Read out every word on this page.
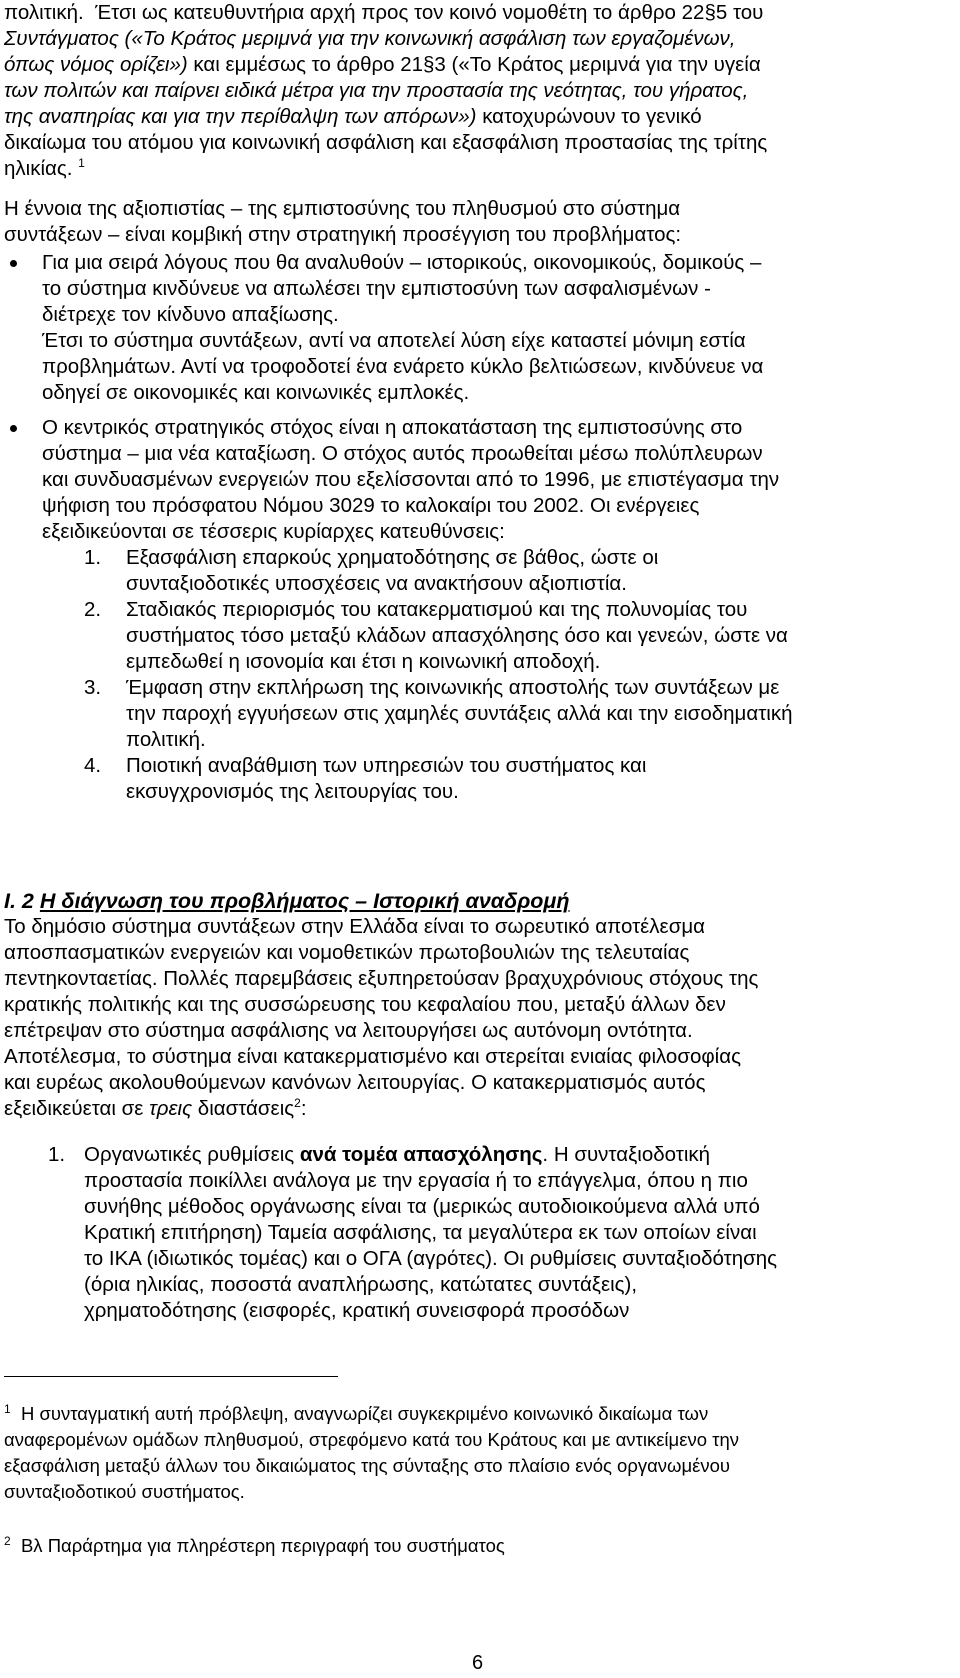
πολιτική. Έτσι ως κατευθυντήρια αρχή προς τον κοινό νομοθέτη το άρθρο 22§5 του
Συντάγματος («Το Κράτος μεριμνά για την κοινωνική ασφάλιση των εργαζομένων,
όπως νόμος ορίζει») και εμμέσως το άρθρο 21§3 («Το Κράτος μεριμνά για την υγεία
των πολιτών και παίρνει ειδικά μέτρα για την προστασία της νεότητας, του γήρατος,
της αναπηρίας και για την περίθαλψη των απόρων») κατοχυρώνουν το γενικό
δικαίωμα του ατόμου για κοινωνική ασφάλιση και εξασφάλιση προστασίας της τρίτης
ηλικίας. $^1$
Η έννοια της αξιοπιστίας – της εμπιστοσύνης του πληθυσμού στο σύστημα
συντάξεων – είναι κομβική στην στρατηγική προσέγγιση του προβλήματος:
Για μια σειρά λόγους που θα αναλυθούν – ιστορικούς, οικονομικούς, δομικούς –
το σύστημα κινδύνευε να απωλέσει την εμπιστοσύνη των ασφαλισμένων -
διέτρεχε τον κίνδυνο απαξίωσης.
Έτσι το σύστημα συντάξεων, αντί να αποτελεί λύση είχε καταστεί μόνιμη εστία
προβλημάτων. Αντί να τροφοδοτεί ένα ενάρετο κύκλο βελτιώσεων, κινδύνευε να
οδηγεί σε οικονομικές και κοινωνικές εμπλοκές.
Ο κεντρικός στρατηγικός στόχος είναι η αποκατάσταση της εμπιστοσύνης στο
σύστημα – μια νέα καταξίωση. Ο στόχος αυτός προωθείται μέσω πολύπλευρων
και συνδυασμένων ενεργειών που εξελίσσονται από το 1996, με επιστέγασμα την
ψήφιση του πρόσφατου Νόμου 3029 το καλοκαίρι του 2002. Οι ενέργειες
εξειδικεύονται σε τέσσερις κυρίαρχες κατευθύνσεις:
1. Εξασφάλιση επαρκούς χρηματοδότησης σε βάθος, ώστε οι
συνταξιοδοτικές υποσχέσεις να ανακτήσουν αξιοπιστία.
2. Σταδιακός περιορισμός του κατακερματισμού και της πολυνομίας του
συστήματος τόσο μεταξύ κλάδων απασχόλησης όσο και γενεών, ώστε να
εμπεδωθεί η ισονομία και έτσι η κοινωνική αποδοχή.
3. Έμφαση στην εκπλήρωση της κοινωνικής αποστολής των συντάξεων με
την παροχή εγγυήσεων στις χαμηλές συντάξεις αλλά και την εισοδηματική
πολιτική.
4. Ποιοτική αναβάθμιση των υπηρεσιών του συστήματος και
εκσυγχρονισμός της λειτουργίας του.
Ι. 2 Η διάγνωση του προβλήματος – Ιστορική αναδρομή
Το δημόσιο σύστημα συντάξεων στην Ελλάδα είναι το σωρευτικό αποτέλεσμα
αποσπασματικών ενεργειών και νομοθετικών πρωτοβουλιών της τελευταίας
πεντηκονταετίας. Πολλές παρεμβάσεις εξυπηρετούσαν βραχυχρόνιους στόχους της
κρατικής πολιτικής και της συσσώρευσης του κεφαλαίου που, μεταξύ άλλων δεν
επέτρεψαν στο σύστημα ασφάλισης να λειτουργήσει ως αυτόνομη οντότητα.
Αποτέλεσμα, το σύστημα είναι κατακερματισμένο και στερείται ενιαίας φιλοσοφίας
και ευρέως ακολουθούμενων κανόνων λειτουργίας. Ο κατακερματισμός αυτός
εξειδικεύεται σε τρεις διαστάσεις$^2$:
1. Οργανωτικές ρυθμίσεις ανά τομέα απασχόλησης. Η συνταξιοδοτική
προστασία ποικίλλει ανάλογα με την εργασία ή το επάγγελμα, όπου η πιο
συνήθης μέθοδος οργάνωσης είναι τα (μερικώς αυτοδιοικούμενα αλλά υπό
Κρατική επιτήρηση) Ταμεία ασφάλισης, τα μεγαλύτερα εκ των οποίων είναι
το ΙΚΑ (ιδιωτικός τομέας) και ο ΟΓΑ (αγρότες). Οι ρυθμίσεις συνταξιοδότησης
(όρια ηλικίας, ποσοστά αναπλήρωσης, κατώτατες συντάξεις),
χρηματοδότησης (εισφορές, κρατική συνεισφορά προσόδων
$^1$ Η συνταγματική αυτή πρόβλεψη, αναγνωρίζει συγκεκριμένο κοινωνικό δικαίωμα των
αναφερομένων ομάδων πληθυσμού, στρεφόμενο κατά του Κράτους και με αντικείμενο την
εξασφάλιση μεταξύ άλλων του δικαιώματος της σύνταξης στο πλαίσιο ενός οργανωμένου
συνταξιοδοτικού συστήματος.
$^2$ Βλ Παράρτημα για πληρέστερη περιγραφή του συστήματος
6
